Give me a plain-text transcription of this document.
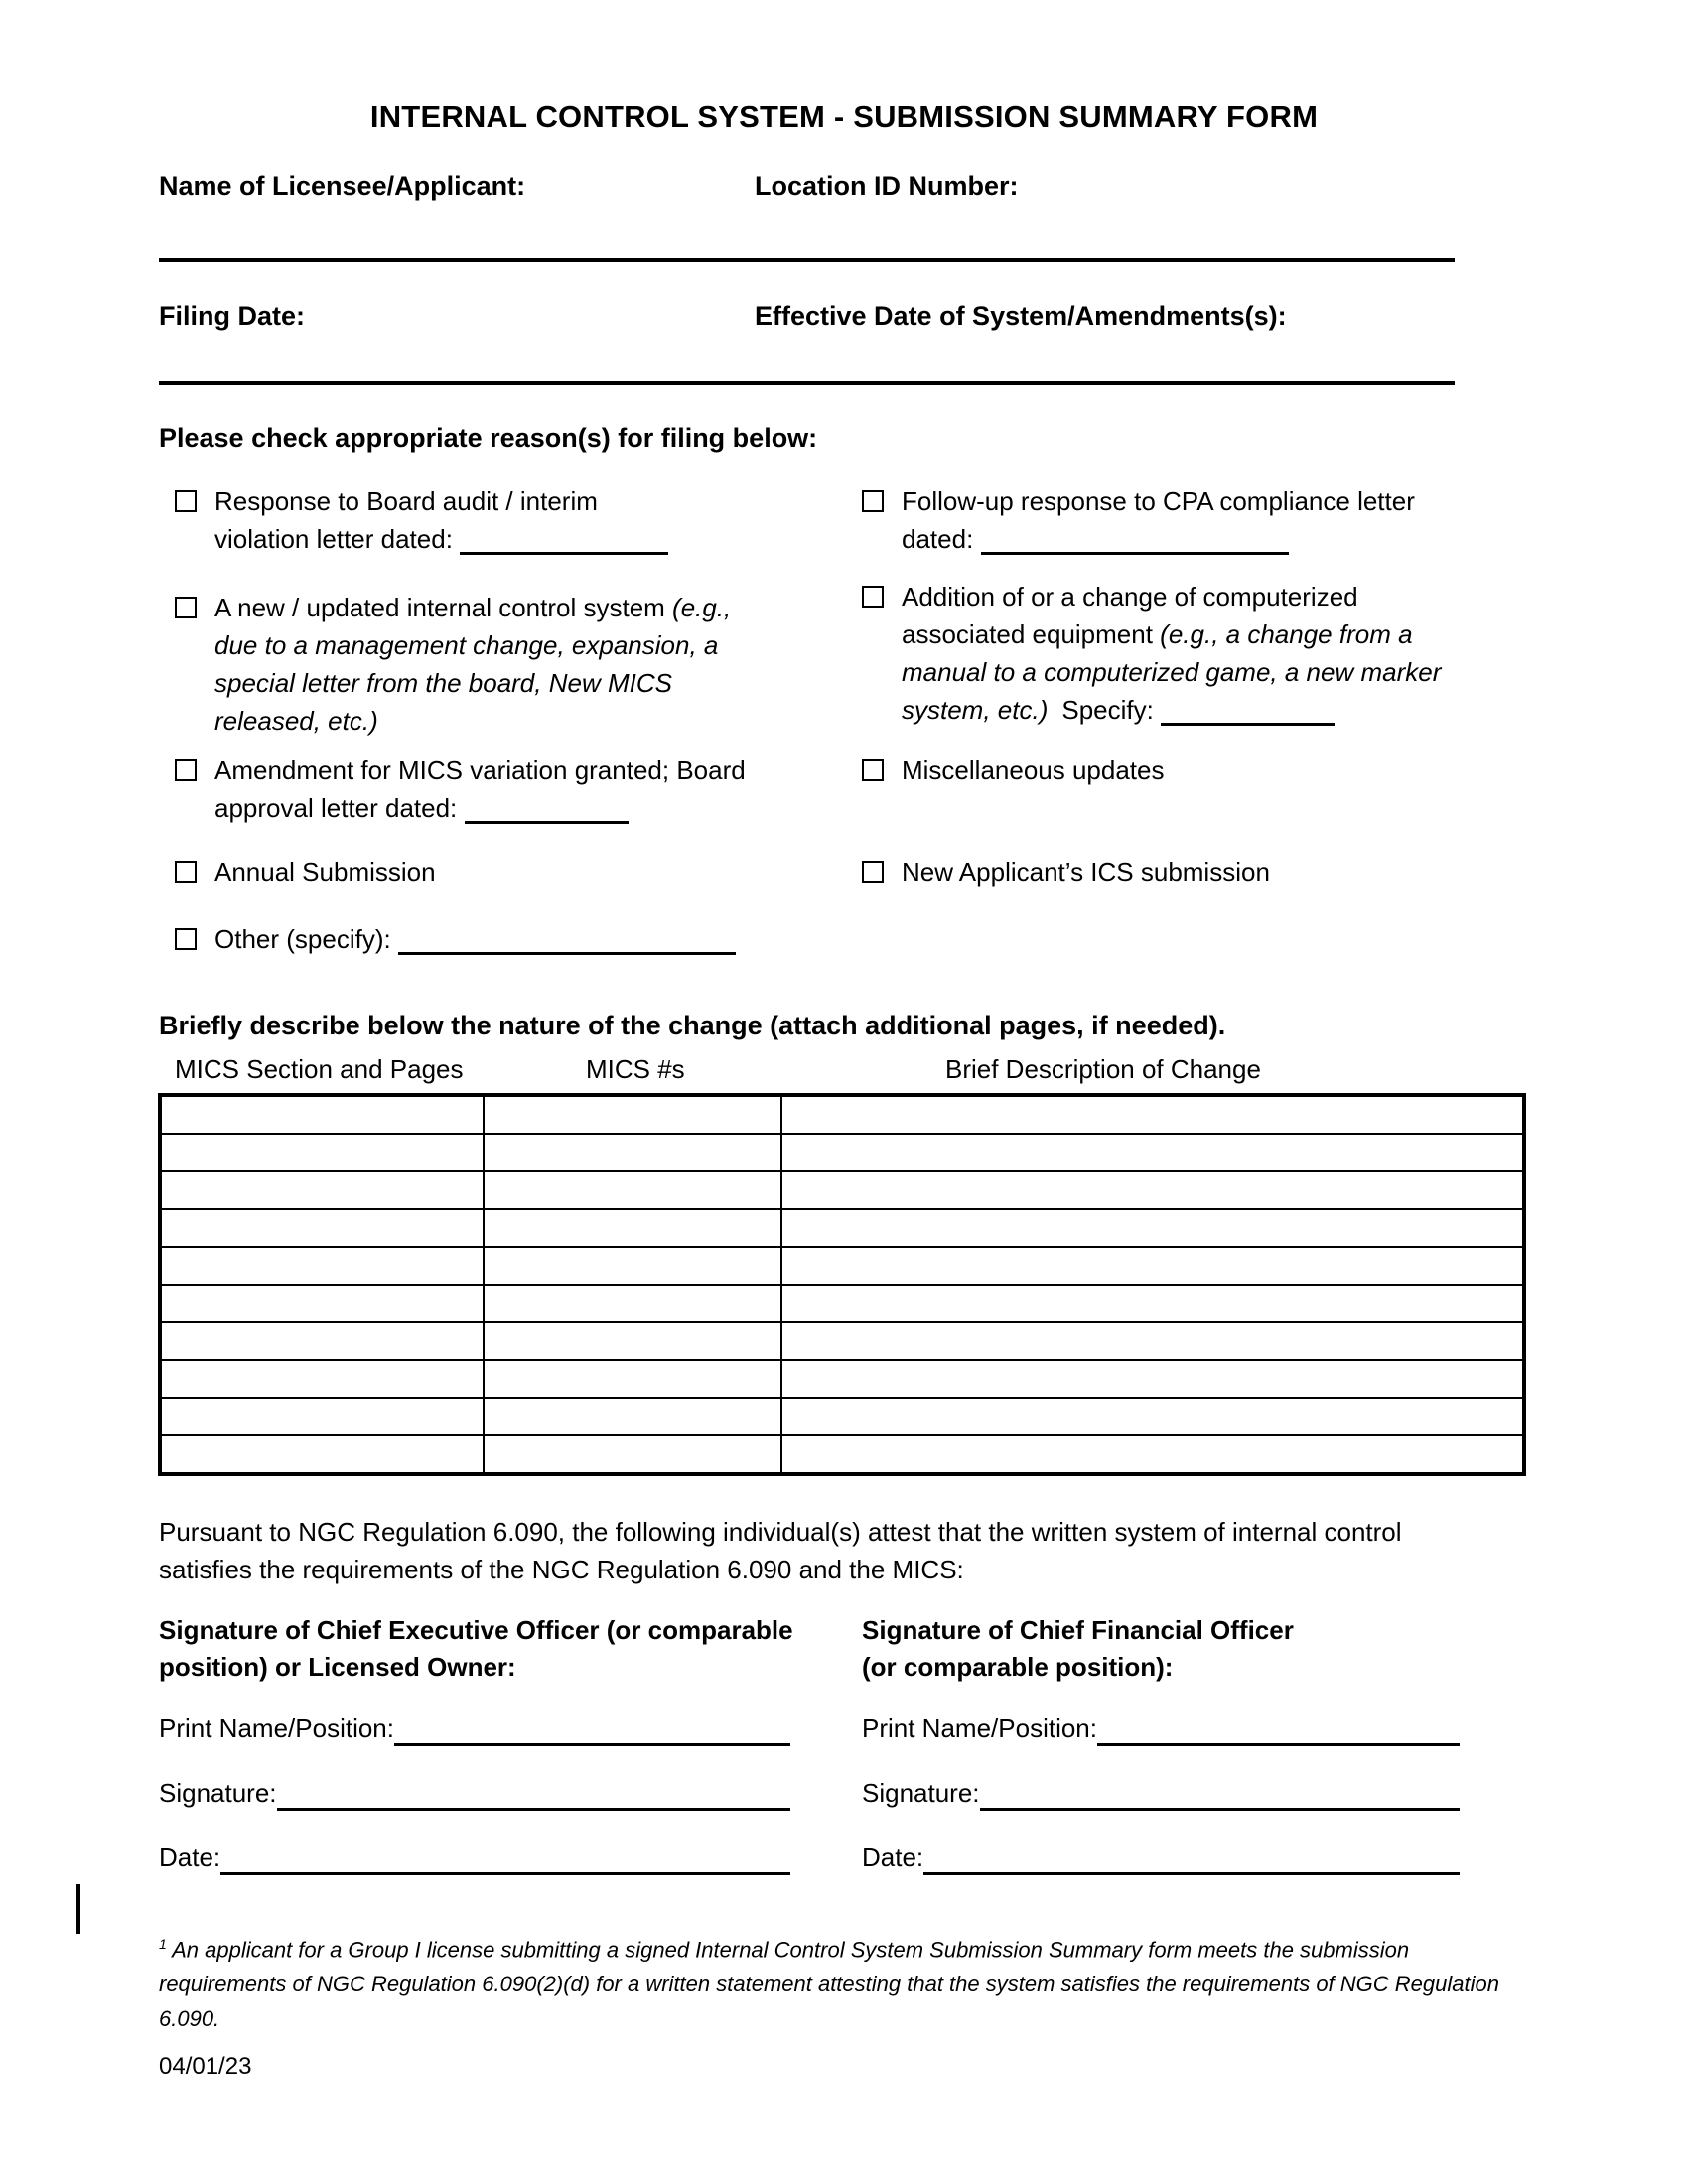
INTERNAL CONTROL SYSTEM - SUBMISSION SUMMARY FORM
Name of Licensee/Applicant:	Location ID Number:
Filing Date:	Effective Date of System/Amendments(s):
Please check appropriate reason(s) for filing below:
Response to Board audit / interim
violation letter dated:
A new / updated internal control system (e.g.,
due to a management change, expansion, a
special letter from the board, New MICS
released, etc.)
Amendment for MICS variation granted; Board
approval letter dated:
Annual Submission
Other (specify):
Follow-up response to CPA compliance letter
dated:
Addition of or a change of computerized
associated equipment (e.g., a change from a
manual to a computerized game, a new marker
system, etc.) Specify:
Miscellaneous updates
New Applicant’s ICS submission
Briefly describe below the nature of the change (attach additional pages, if needed).
MICS Section and Pages	MICS #s	Brief Description of Change

Pursuant to NGC Regulation 6.090, the following individual(s) attest that the written system of internal control
satisfies the requirements of the NGC Regulation 6.090 and the MICS:
Signature of Chief Executive Officer (or comparable
position) or Licensed Owner:
Signature of Chief Financial Officer
(or comparable position):
Print Name/Position:
Signature:
Date:
Print Name/Position:
Signature:
Date:
$^1$ An applicant for a Group I license submitting a signed Internal Control System Submission Summary form meets the submission
requirements of NGC Regulation 6.090(2)(d) for a written statement attesting that the system satisfies the requirements of NGC Regulation
6.090.
04/01/23
